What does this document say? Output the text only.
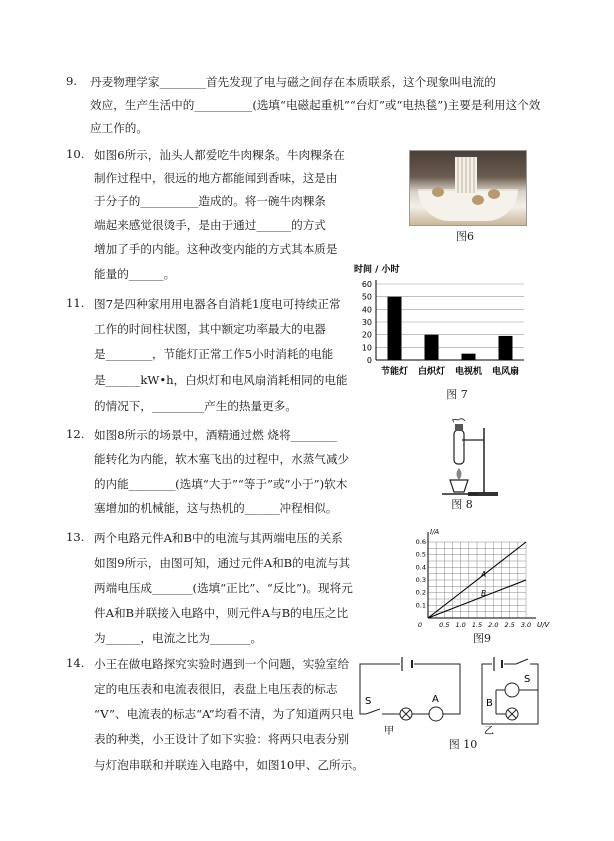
9. 丹麦物理学家________首先发现了电与磁之间存在本质联系，这个现象叫电流的
效应，生产生活中的__________(选填“电磁起重机”“台灯”或“电热毯”)主要是利用这个效
应工作的。
10. 如图6所示，汕头人都爱吃牛肉粿条。牛肉粿条在
制作过程中，很远的地方都能闻到香味，这是由
于分子的__________造成的。将一碗牛肉粿条
端起来感觉很烫手，是由于通过______的方式
增加了手的内能。这种改变内能的方式其本质是
能量的______。
图6
11. 图7是四种家用用电器各自消耗1度电可持续正常
工作的时间柱状图，其中额定功率最大的电器
是________，节能灯正常工作5小时消耗的电能
是______kW•h，白炽灯和电风扇消耗相同的电能
的情况下，_________产生的热量更多。
时间 / 小时
0
10
20
30
40
50
60
节能灯 白炽灯 电视机 电风扇
图 7
12. 如图8所示的场景中，酒精通过燃 烧将________
能转化为内能，软木塞飞出的过程中，水蒸气减少
的内能________(选填“大于”“等于”或“小于”)软木
塞增加的机械能，这与热机的______冲程相似。	图 8
13. 两个电路元件A和B中的电流与其两端电压的关系
如图9所示，由图可知，通过元件A和B的电流与其
两端电压成_______(选填“正比”、“反比”)。现将元
件A和B并联接入电路中，则元件A与B的电压之比
为______，电流之比为_______。
0	0.5 1.0 1.5 2.0 2.5 3.0
0.1
0.2
0.3
0.4
0.5
0.6
U/V
I/A
A
B
图9
14. 小王在做电路探究实验时遇到一个问题，实验室给
定的电压表和电流表很旧，表盘上电压表的标志
“V”、电流表的标志“A”均看不清，为了知道两只电
表的种类，小王设计了如下实验：将两只电表分别
与灯泡串联和并联连入电路中，如图10甲、乙所示。
S	A
甲
S
B
乙
图 10
